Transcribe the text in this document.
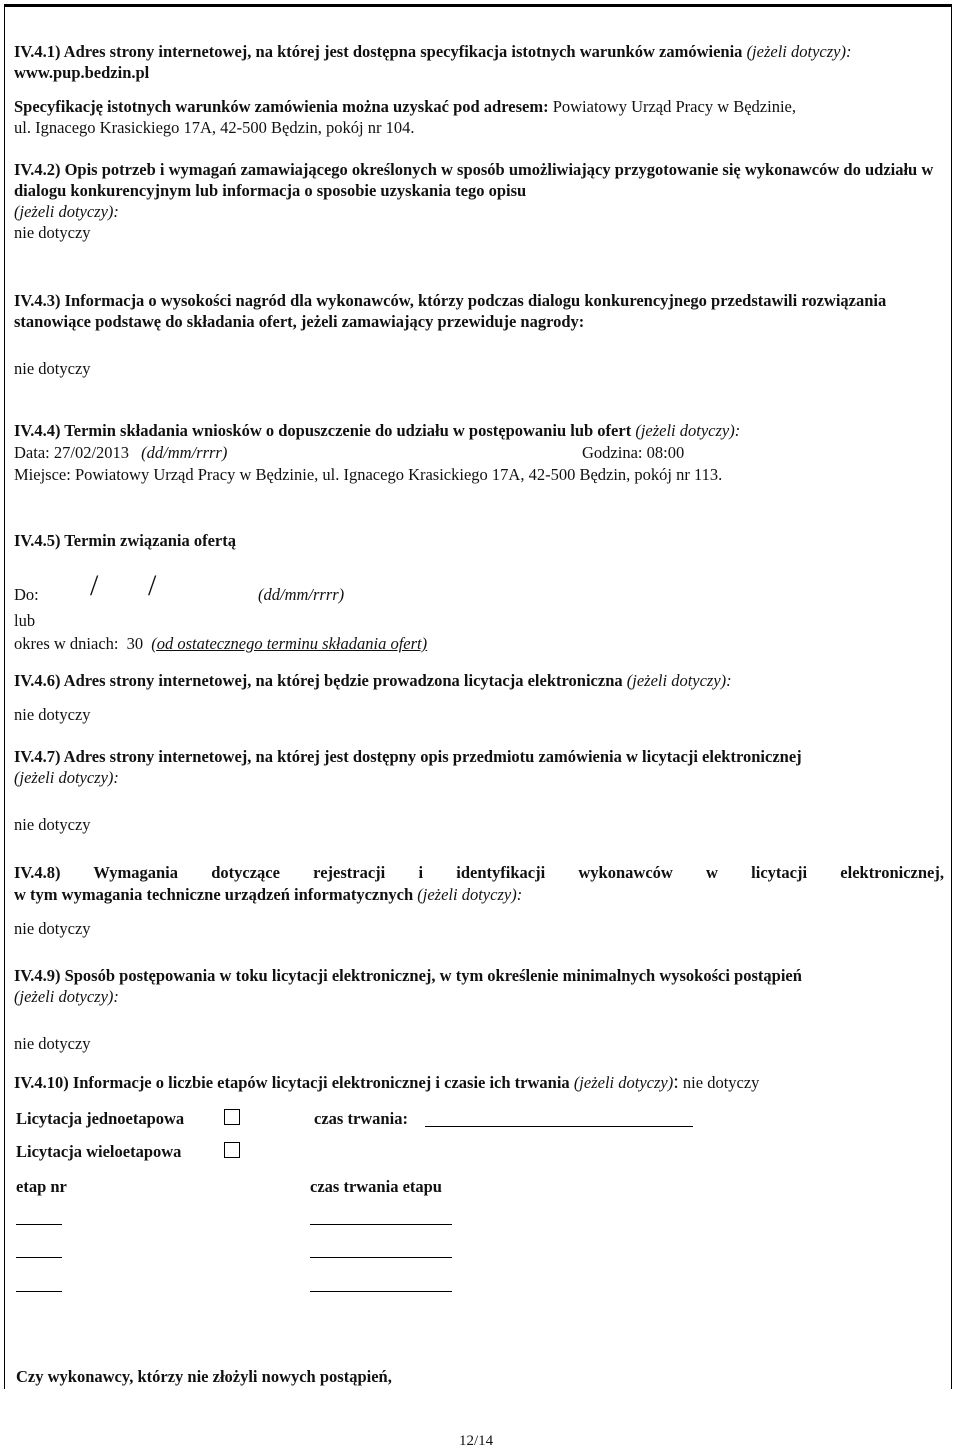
IV.4.1) Adres strony internetowej, na której jest dostępna specyfikacja istotnych warunków zamówienia (jeżeli dotyczy): www.pup.bedzin.pl
Specyfikację istotnych warunków zamówienia można uzyskać pod adresem: Powiatowy Urząd Pracy w Będzinie,
ul. Ignacego Krasickiego 17A, 42-500 Będzin, pokój nr 104.
IV.4.2) Opis potrzeb i wymagań zamawiającego określonych w sposób umożliwiający przygotowanie się wykonawców do udziału w dialogu konkurencyjnym lub informacja o sposobie uzyskania tego opisu
(jeżeli dotyczy):
nie dotyczy
IV.4.3) Informacja o wysokości nagród dla wykonawców, którzy podczas dialogu konkurencyjnego przedstawili rozwiązania stanowiące podstawę do składania ofert, jeżeli zamawiający przewiduje nagrody:
nie dotyczy
IV.4.4) Termin składania wniosków o dopuszczenie do udziału w postępowaniu lub ofert (jeżeli dotyczy):
Data: 27/02/2013 (dd/mm/rrrr)	Godzina: 08:00
Miejsce: Powiatowy Urząd Pracy w Będzinie, ul. Ignacego Krasickiego 17A, 42-500 Będzin, pokój nr 113.
IV.4.5) Termin związania ofertą
Do: / /	(dd/mm/rrrr)
lub
okres w dniach: 30 (od ostatecznego terminu składania ofert)
IV.4.6) Adres strony internetowej, na której będzie prowadzona licytacja elektroniczna (jeżeli dotyczy):
nie dotyczy
IV.4.7) Adres strony internetowej, na której jest dostępny opis przedmiotu zamówienia w licytacji elektronicznej
(jeżeli dotyczy):
nie dotyczy
IV.4.8) Wymagania dotyczące rejestracji i identyfikacji wykonawców w licytacji elektronicznej,
w tym wymagania techniczne urządzeń informatycznych (jeżeli dotyczy):
nie dotyczy
IV.4.9) Sposób postępowania w toku licytacji elektronicznej, w tym określenie minimalnych wysokości postąpień
(jeżeli dotyczy):
nie dotyczy
IV.4.10) Informacje o liczbie etapów licytacji elektronicznej i czasie ich trwania (jeżeli dotyczy): nie dotyczy
Licytacja jednoetapowa	czas trwania:
Licytacja wieloetapowa
etap nr	czas trwania etapu
Czy wykonawcy, którzy nie złożyli nowych postąpień,
12/14
